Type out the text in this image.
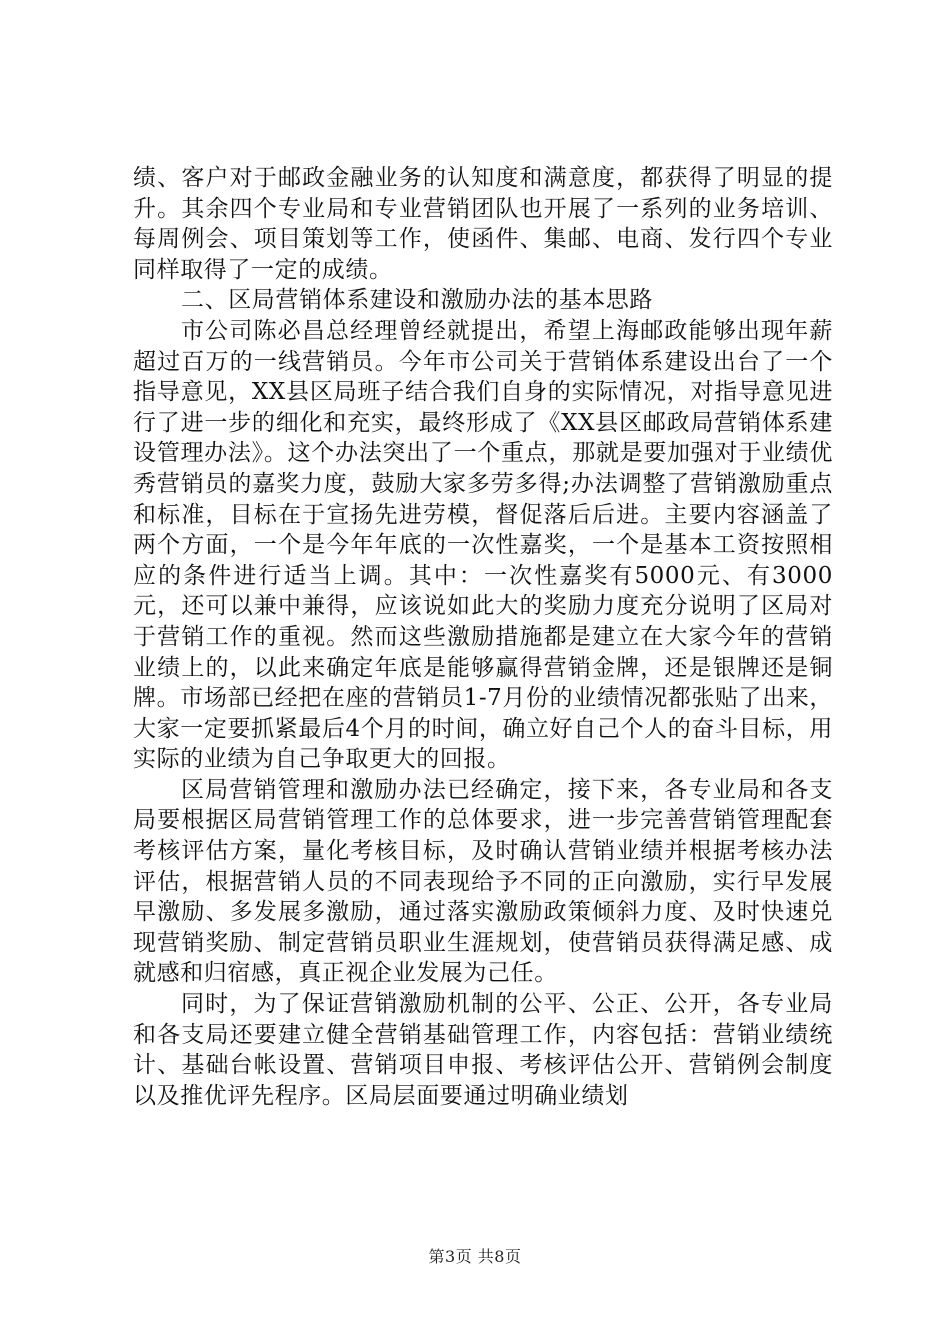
绩、客户对于邮政金融业务的认知度和满意度，都获得了明显的提升。其余四个专业局和专业营销团队也开展了一系列的业务培训、每周例会、项目策划等工作，使函件、集邮、电商、发行四个专业同样取得了一定的成绩。

二、区局营销体系建设和激励办法的基本思路

市公司陈必昌总经理曾经就提出，希望上海邮政能够出现年薪超过百万的一线营销员。今年市公司关于营销体系建设出台了一个指导意见，XX县区局班子结合我们自身的实际情况，对指导意见进行了进一步的细化和充实，最终形成了《XX县区邮政局营销体系建设管理办法》。这个办法突出了一个重点，那就是要加强对于业绩优秀营销员的嘉奖力度，鼓励大家多劳多得;办法调整了营销激励重点和标准，目标在于宣扬先进劳模，督促落后后进。主要内容涵盖了两个方面，一个是今年年底的一次性嘉奖，一个是基本工资按照相应的条件进行适当上调。其中：一次性嘉奖有5000元、有3000元，还可以兼中兼得，应该说如此大的奖励力度充分说明了区局对于营销工作的重视。然而这些激励措施都是建立在大家今年的营销业绩上的，以此来确定年底是能够赢得营销金牌，还是银牌还是铜牌。市场部已经把在座的营销员1-7月份的业绩情况都张贴了出来，大家一定要抓紧最后4个月的时间，确立好自己个人的奋斗目标，用实际的业绩为自己争取更大的回报。

区局营销管理和激励办法已经确定，接下来，各专业局和各支局要根据区局营销管理工作的总体要求，进一步完善营销管理配套考核评估方案，量化考核目标，及时确认营销业绩并根据考核办法评估，根据营销人员的不同表现给予不同的正向激励，实行早发展早激励、多发展多激励，通过落实激励政策倾斜力度、及时快速兑现营销奖励、制定营销员职业生涯规划，使营销员获得满足感、成就感和归宿感，真正视企业发展为己任。

同时，为了保证营销激励机制的公平、公正、公开，各专业局和各支局还要建立健全营销基础管理工作，内容包括：营销业绩统计、基础台帐设置、营销项目申报、考核评估公开、营销例会制度以及推优评先程序。区局层面要通过明确业绩划

第3页 共8页
